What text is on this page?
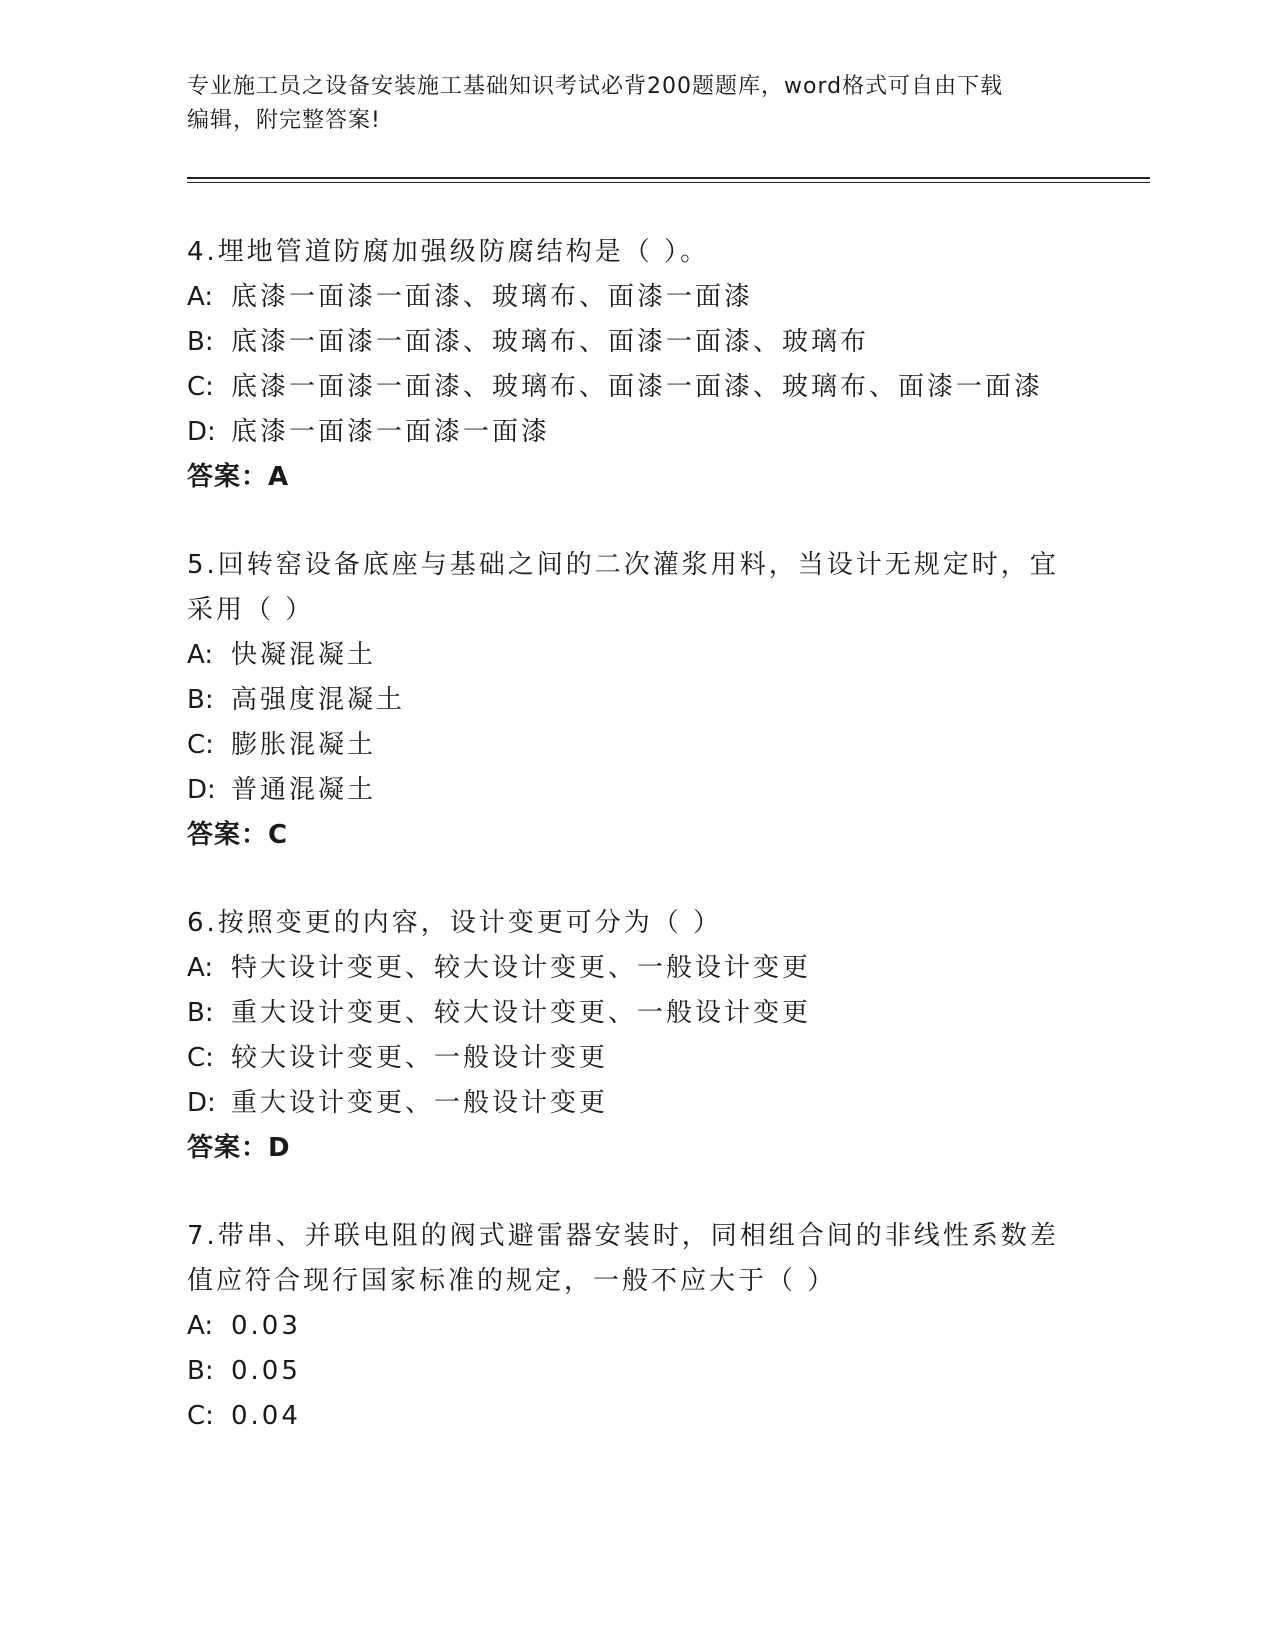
专业施工员之设备安装施工基础知识考试必背200题题库，word格式可自由下载
编辑，附完整答案!
4.埋地管道防腐加强级防腐结构是（ ）。
A: 底漆一面漆一面漆、玻璃布、面漆一面漆
B: 底漆一面漆一面漆、玻璃布、面漆一面漆、玻璃布
C: 底漆一面漆一面漆、玻璃布、面漆一面漆、玻璃布、面漆一面漆
D: 底漆一面漆一面漆一面漆
答案：A
5.回转窑设备底座与基础之间的二次灌浆用料，当设计无规定时，宜采用（ ）
A: 快凝混凝土
B: 高强度混凝土
C: 膨胀混凝土
D: 普通混凝土
答案：C
6.按照变更的内容，设计变更可分为（ ）
A: 特大设计变更、较大设计变更、一般设计变更
B: 重大设计变更、较大设计变更、一般设计变更
C: 较大设计变更、一般设计变更
D: 重大设计变更、一般设计变更
答案：D
7.带串、并联电阻的阀式避雷器安装时，同相组合间的非线性系数差值应符合现行国家标准的规定，一般不应大于（ ）
A: 0.03
B: 0.05
C: 0.04
